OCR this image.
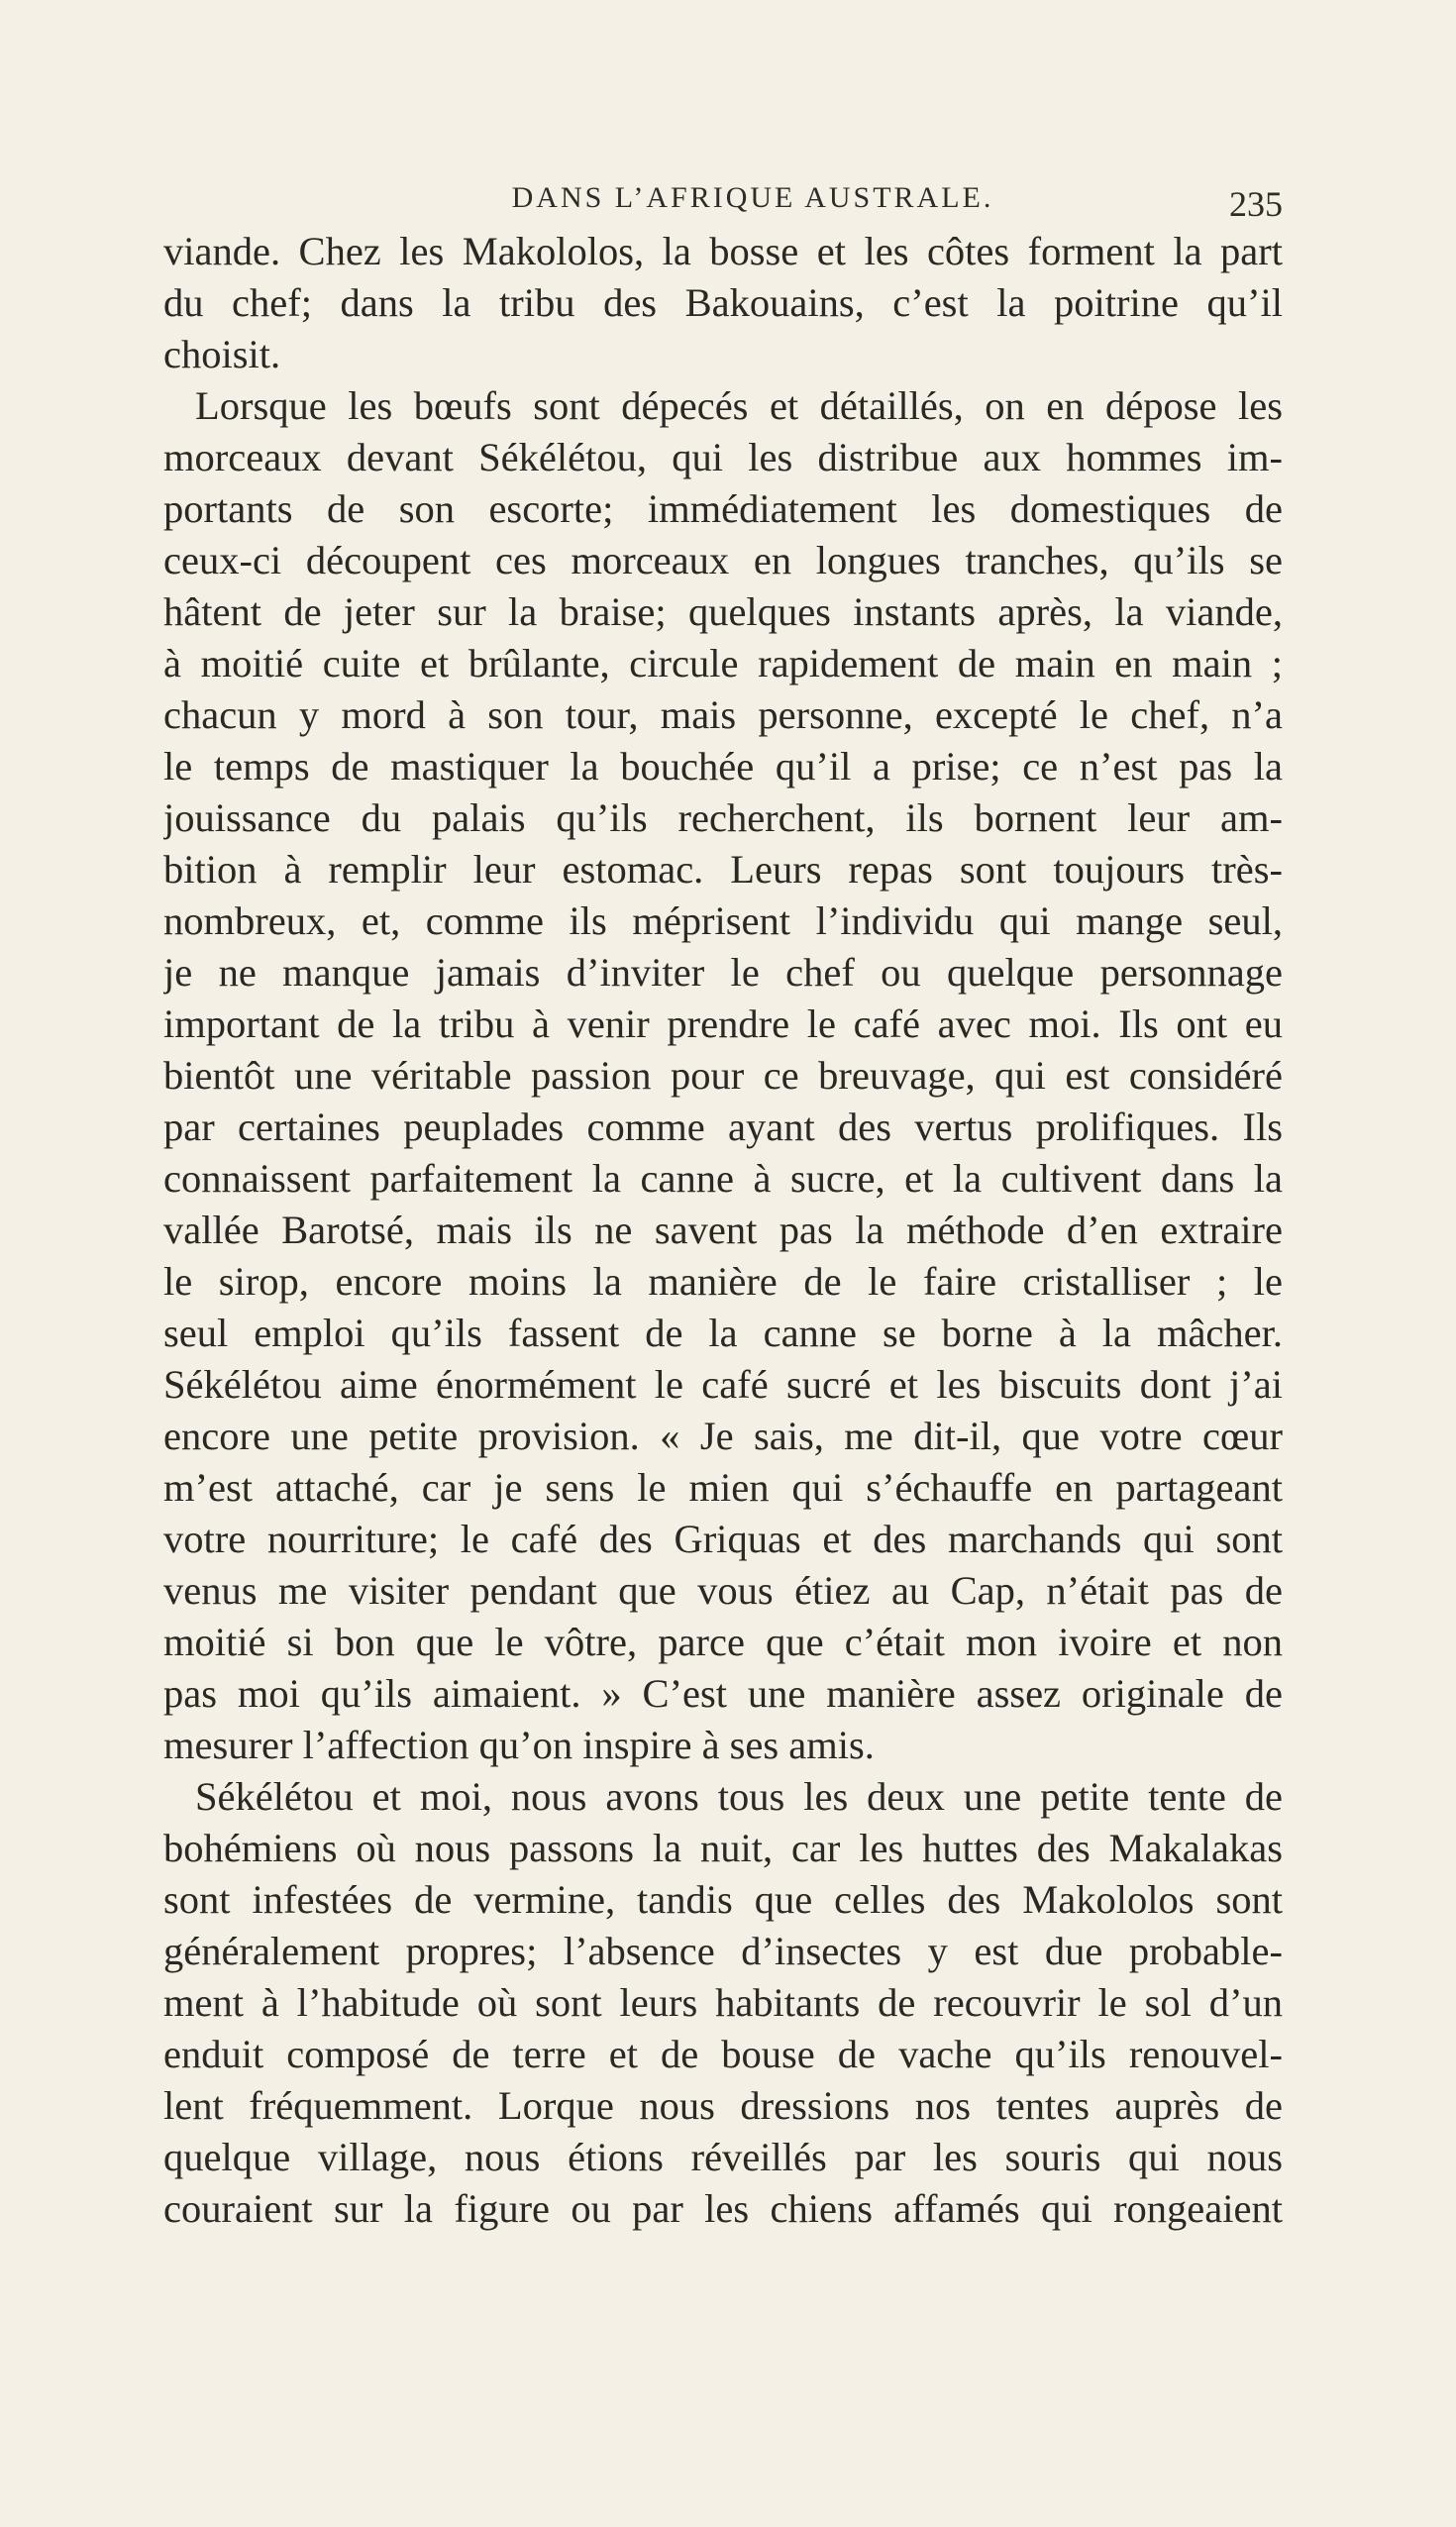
DANS L’AFRIQUE AUSTRALE.	235
viande. Chez les Makololos, la bosse et les côtes forment la part
du chef; dans la tribu des Bakouains, c’est la poitrine qu’il
choisit.
Lorsque les bœufs sont dépecés et détaillés, on en dépose les
morceaux devant Sékélétou, qui les distribue aux hommes im-
portants de son escorte; immédiatement les domestiques de
ceux-ci découpent ces morceaux en longues tranches, qu’ils se
hâtent de jeter sur la braise; quelques instants après, la viande,
à moitié cuite et brûlante, circule rapidement de main en main ;
chacun y mord à son tour, mais personne, excepté le chef, n’a
le temps de mastiquer la bouchée qu’il a prise; ce n’est pas la
jouissance du palais qu’ils recherchent, ils bornent leur am-
bition à remplir leur estomac. Leurs repas sont toujours très-
nombreux, et, comme ils méprisent l’individu qui mange seul,
je ne manque jamais d’inviter le chef ou quelque personnage
important de la tribu à venir prendre le café avec moi. Ils ont eu
bientôt une véritable passion pour ce breuvage, qui est considéré
par certaines peuplades comme ayant des vertus prolifiques. Ils
connaissent parfaitement la canne à sucre, et la cultivent dans la
vallée Barotsé, mais ils ne savent pas la méthode d’en extraire
le sirop, encore moins la manière de le faire cristalliser ; le
seul emploi qu’ils fassent de la canne se borne à la mâcher.
Sékélétou aime énormément le café sucré et les biscuits dont j’ai
encore une petite provision. « Je sais, me dit-il, que votre cœur
m’est attaché, car je sens le mien qui s’échauffe en partageant
votre nourriture; le café des Griquas et des marchands qui sont
venus me visiter pendant que vous étiez au Cap, n’était pas de
moitié si bon que le vôtre, parce que c’était mon ivoire et non
pas moi qu’ils aimaient. » C’est une manière assez originale de
mesurer l’affection qu’on inspire à ses amis.
Sékélétou et moi, nous avons tous les deux une petite tente de
bohémiens où nous passons la nuit, car les huttes des Makalakas
sont infestées de vermine, tandis que celles des Makololos sont
généralement propres; l’absence d’insectes y est due probable-
ment à l’habitude où sont leurs habitants de recouvrir le sol d’un
enduit composé de terre et de bouse de vache qu’ils renouvel-
lent fréquemment. Lorque nous dressions nos tentes auprès de
quelque village, nous étions réveillés par les souris qui nous
couraient sur la figure ou par les chiens affamés qui rongeaient
